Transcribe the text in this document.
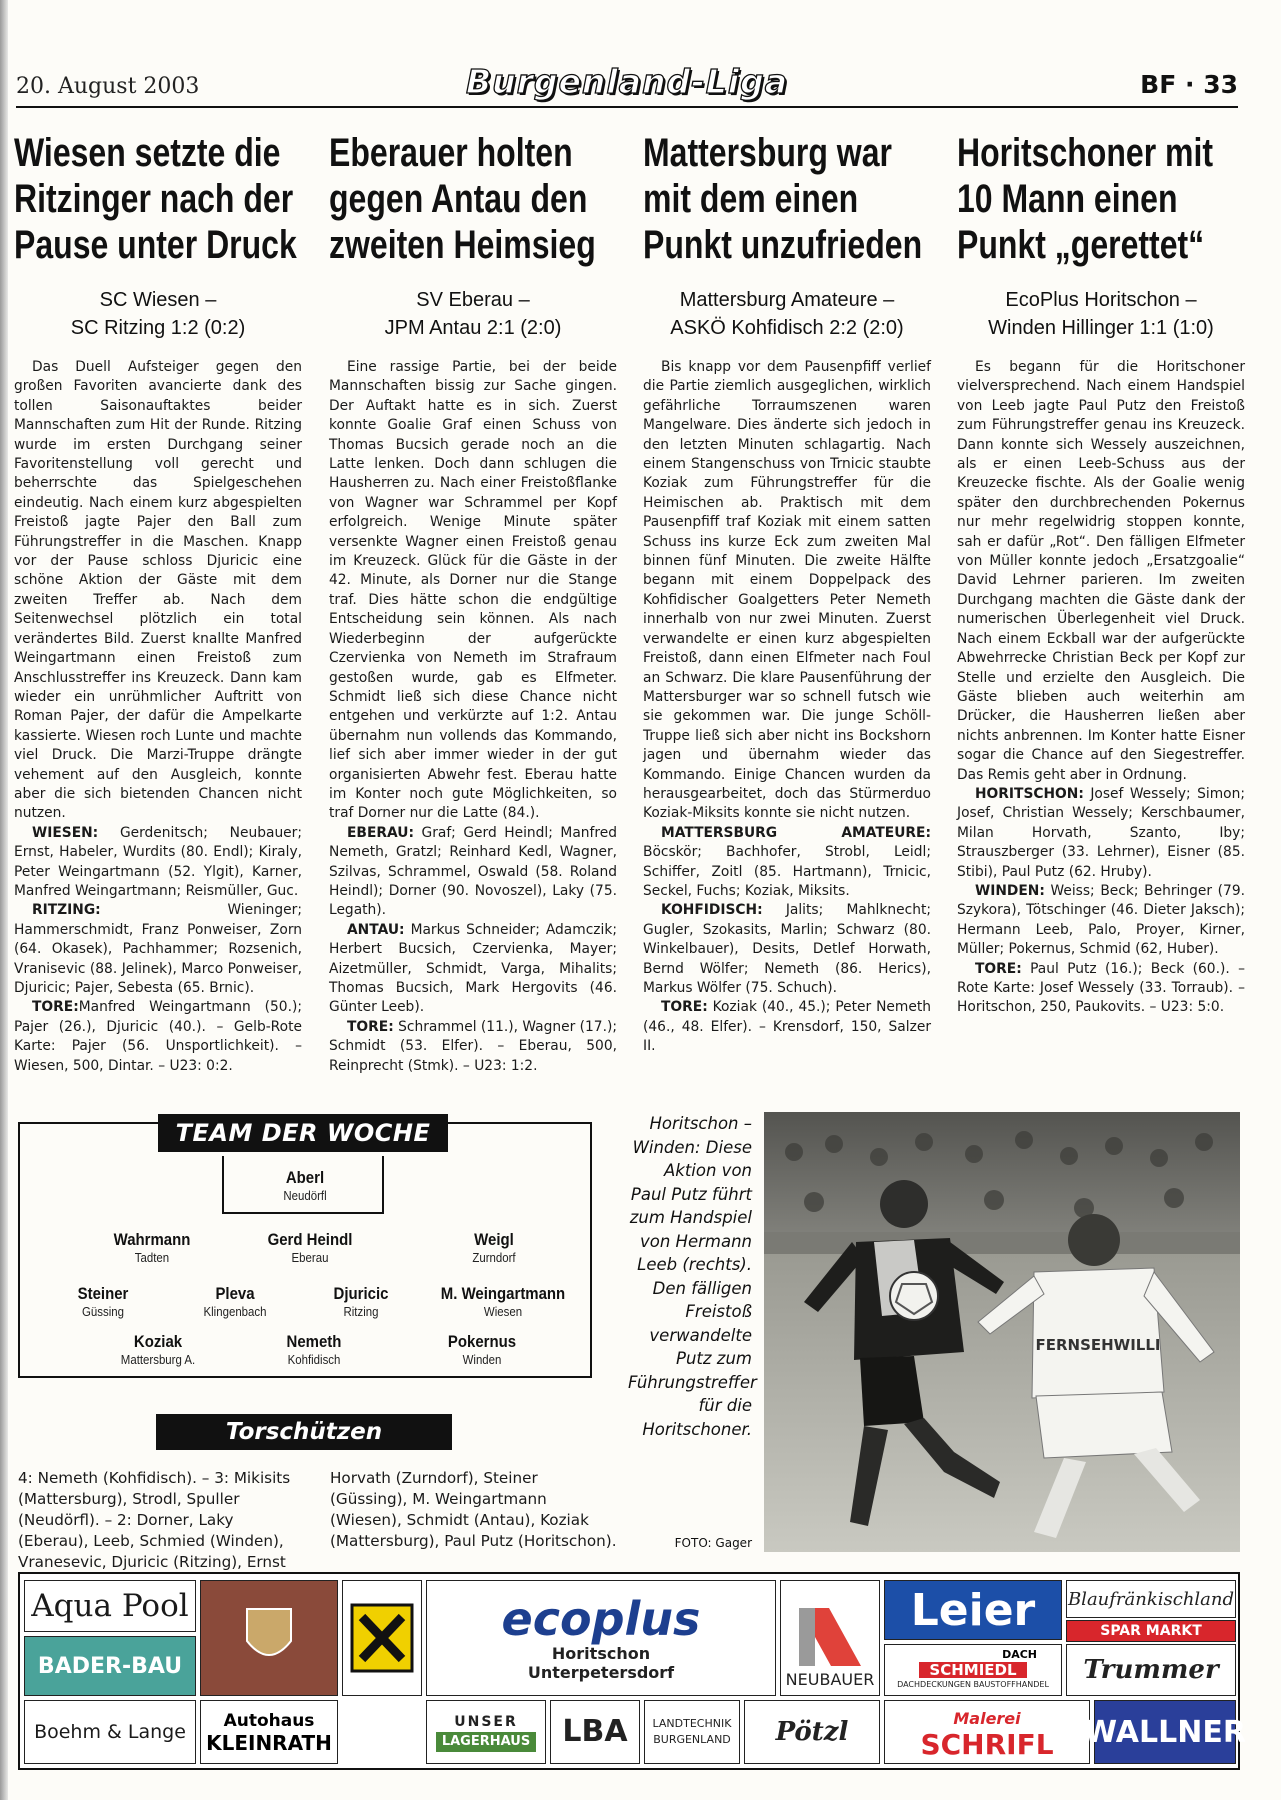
20. August 2003	Burgenland-Liga	BF · 33
Wiesen setzte die Ritzinger nach der Pause unter Druck
SC Wiesen –
SC Ritzing 1:2 (0:2)

Das Duell Aufsteiger gegen den großen Favoriten avancierte dank des tollen Saisonauftaktes beider Mannschaften zum Hit der Runde. Ritzing wurde im ersten Durchgang seiner Favoritenstellung voll gerecht und beherrschte das Spielgeschehen eindeutig. Nach einem kurz abgespielten Freistoß jagte Pajer den Ball zum Führungstreffer in die Maschen. Knapp vor der Pause schloss Djuricic eine schöne Aktion der Gäste mit dem zweiten Treffer ab. Nach dem Seitenwechsel plötzlich ein total verändertes Bild. Zuerst knallte Manfred Weingartmann einen Freistoß zum Anschlusstreffer ins Kreuzeck. Dann kam wieder ein unrühmlicher Auftritt von Roman Pajer, der dafür die Ampelkarte kassierte. Wiesen roch Lunte und machte viel Druck. Die Marzi-Truppe drängte vehement auf den Ausgleich, konnte aber die sich bietenden Chancen nicht nutzen.

WIESEN: Gerdenitsch; Neubauer; Ernst, Habeler, Wurdits (80. Endl); Kiraly, Peter Weingartmann (52. Ylgit), Karner, Manfred Weingartmann; Reismüller, Guc.

RITZING:	Wieninger; Hammerschmidt, Franz Ponweiser, Zorn (64. Okasek), Pachhammer; Rozsenich, Vranisevic (88. Jelinek), Marco Ponweiser, Djuricic; Pajer, Sebesta (65. Brnic).

TORE:Manfred Weingartmann (50.); Pajer (26.), Djuricic (40.). – Gelb-Rote Karte: Pajer (56. Unsportlichkeit). – Wiesen, 500, Dintar. – U23: 0:2.

Eberauer holten gegen Antau den zweiten Heimsieg
SV Eberau –
JPM Antau 2:1 (2:0)

Eine rassige Partie, bei der beide Mannschaften bissig zur Sache gingen. Der Auftakt hatte es in sich. Zuerst konnte Goalie Graf einen Schuss von Thomas Bucsich gerade noch an die Latte lenken. Doch dann schlugen die Hausherren zu. Nach einer Freistoßflanke von Wagner war Schrammel per Kopf erfolgreich. Wenige Minute später versenkte Wagner einen Freistoß genau im Kreuzeck. Glück für die Gäste in der 42. Minute, als Dorner nur die Stange traf. Dies hätte schon die endgültige Entscheidung sein können. Als nach Wiederbeginn der aufgerückte Czervienka von Nemeth im Strafraum gestoßen wurde, gab es Elfmeter. Schmidt ließ sich diese Chance nicht entgehen und verkürzte auf 1:2. Antau übernahm nun vollends das Kommando, lief sich aber immer wieder in der gut organisierten Abwehr fest. Eberau hatte im Konter noch gute Möglichkeiten, so traf Dorner nur die Latte (84.).

EBERAU: Graf; Gerd Heindl; Manfred Nemeth, Gratzl; Reinhard Kedl, Wagner, Szilvas, Schrammel, Oswald (58. Roland Heindl); Dorner (90. Novoszel), Laky (75. Legath).

ANTAU: Markus Schneider; Adamczik; Herbert Bucsich, Czervienka, Mayer; Aizetmüller, Schmidt, Varga, Mihalits; Thomas Bucsich, Mark Hergovits (46. Günter Leeb).

TORE: Schrammel (11.), Wagner (17.); Schmidt (53. Elfer). – Eberau, 500, Reinprecht (Stmk). – U23: 1:2.

Mattersburg war mit dem einen Punkt unzufrieden
Mattersburg Amateure –
ASKÖ Kohfidisch 2:2 (2:0)

Bis knapp vor dem Pausenpfiff verlief die Partie ziemlich ausgeglichen, wirklich gefährliche Torraumszenen waren Mangelware. Dies änderte sich jedoch in den letzten Minuten schlagartig. Nach einem Stangenschuss von Trnicic staubte Koziak zum Führungstreffer für die Heimischen ab. Praktisch mit dem Pausenpfiff traf Koziak mit einem satten Schuss ins kurze Eck zum zweiten Mal binnen fünf Minuten. Die zweite Hälfte begann mit einem Doppelpack des Kohfidischer Goalgetters Peter Nemeth innerhalb von nur zwei Minuten. Zuerst verwandelte er einen kurz abgespielten Freistoß, dann einen Elfmeter nach Foul an Schwarz. Die klare Pausenführung der Mattersburger war so schnell futsch wie sie gekommen war. Die junge Schöll-Truppe ließ sich aber nicht ins Bockshorn jagen und übernahm wieder das Kommando. Einige Chancen wurden da herausgearbeitet, doch das Stürmerduo Koziak-Miksits konnte sie nicht nutzen.

MATTERSBURG AMATEURE: Böcskör; Bachhofer, Strobl, Leidl; Schiffer, Zoitl (85. Hartmann), Trnicic, Seckel, Fuchs; Koziak, Miksits.

KOHFIDISCH: Jalits; Mahlknecht; Gugler, Szokasits, Marlin; Schwarz (80. Winkelbauer), Desits, Detlef Horwath, Bernd Wölfer; Nemeth (86. Herics), Markus Wölfer (75. Schuch).

TORE: Koziak (40., 45.); Peter Nemeth (46., 48. Elfer). – Krensdorf, 150, Salzer II.

Horitschoner mit 10 Mann einen Punkt „gerettet“
EcoPlus Horitschon –
Winden Hillinger 1:1 (1:0)

Es begann für die Horitschoner vielversprechend. Nach einem Handspiel von Leeb jagte Paul Putz den Freistoß zum Führungstreffer genau ins Kreuzeck. Dann konnte sich Wessely auszeichnen, als er einen Leeb-Schuss aus der Kreuzecke fischte. Als der Goalie wenig später den durchbrechenden Pokernus nur mehr regelwidrig stoppen konnte, sah er dafür „Rot“. Den fälligen Elfmeter von Müller konnte jedoch „Ersatzgoalie“ David Lehrner parieren. Im zweiten Durchgang machten die Gäste dank der numerischen Überlegenheit viel Druck. Nach einem Eckball war der aufgerückte Abwehrrecke Christian Beck per Kopf zur Stelle und erzielte den Ausgleich. Die Gäste blieben auch weiterhin am Drücker, die Hausherren ließen aber nichts anbrennen. Im Konter hatte Eisner sogar die Chance auf den Siegestreffer. Das Remis geht aber in Ordnung.

HORITSCHON: Josef Wessely; Simon; Josef, Christian Wessely; Kerschbaumer, Milan Horvath, Szanto, Iby; Strauszberger (33. Lehrner), Eisner (85. Stibi), Paul Putz (62. Hruby).

WINDEN: Weiss; Beck; Behringer (79. Szykora), Tötschinger (46. Dieter Jaksch); Hermann Leeb, Palo, Proyer, Kirner, Müller; Pokernus, Schmid (62, Huber).

TORE: Paul Putz (16.); Beck (60.). – Rote Karte: Josef Wessely (33. Torraub). – Horitschon, 250, Paukovits. – U23: 5:0.

TEAM DER WOCHE
Aberl
Neudörfl
Wahrmann
Tadten
Gerd Heindl
Eberau
Weigl
Zurndorf
Steiner
Güssing
Pleva
Klingenbach
Djuricic
Ritzing
M. Weingartmann
Wiesen
Koziak
Mattersburg A.
Nemeth
Kohfidisch
Pokernus
Winden
Torschützen
4: Nemeth (Kohfidisch). – 3: Mikisits (Mattersburg), Strodl, Spuller (Neudörfl). – 2: Dorner, Laky (Eberau), Leeb, Schmied (Winden), Vranesevic, Djuricic (Ritzing), Ernst Horvath (Zurndorf), Steiner (Güssing), M. Weingartmann (Wiesen), Schmidt (Antau), Koziak (Mattersburg), Paul Putz (Horitschon).
Horitschon – Winden: Diese Aktion von Paul Putz führt zum Handspiel von Hermann Leeb (rechts). Den fälligen Freistoß verwandelte Putz zum Führungstreffer für die Horitschoner.
FOTO: Gager
FERNSEHWILLI
Aqua Pool
BADER-BAU
Boehm & Lange	Autohaus
KLEINRATH
UNSER
LAGERHAUS
ecoplus
Horitschon
Unterpetersdorf
LBA LANDTECHNIK
BURGENLAND	Pötzl
NEUBAUER
Leier
DACH
SCHMIEDL
DACHDECKUNGEN BAUSTOFFHANDEL
Malerei
SCHRIFL
Blaufränkischland
SPAR MARKT
Trummer
WALLNER
